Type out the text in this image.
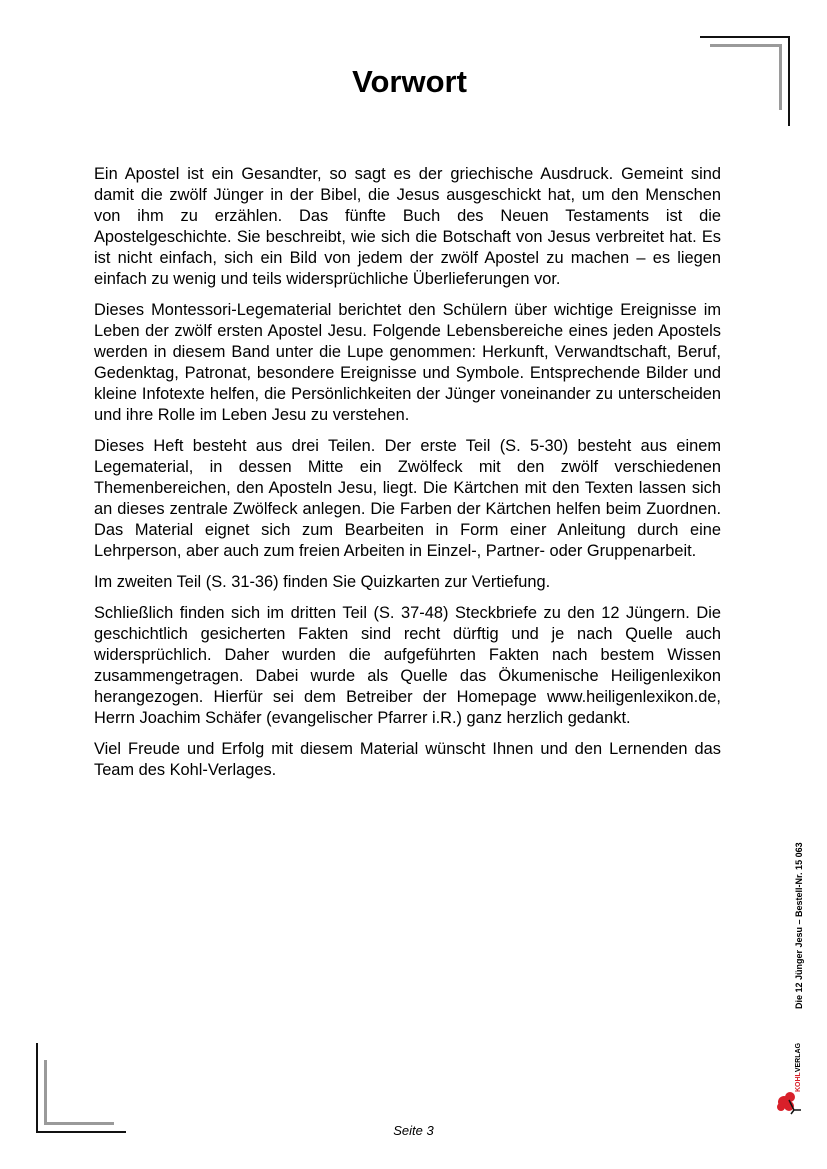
Vorwort

Ein Apostel ist ein Gesandter, so sagt es der griechische Ausdruck. Gemeint sind damit die zwölf Jünger in der Bibel, die Jesus ausgeschickt hat, um den Menschen von ihm zu erzählen. Das fünfte Buch des Neuen Testaments ist die Apostelgeschichte. Sie beschreibt, wie sich die Botschaft von Jesus verbreitet hat. Es ist nicht einfach, sich ein Bild von jedem der zwölf Apostel zu machen – es liegen einfach zu wenig und teils widersprüchliche Überlieferungen vor.

Dieses Montessori-Legematerial berichtet den Schülern über wichtige Ereignisse im Leben der zwölf ersten Apostel Jesu. Folgende Lebensbereiche eines jeden Apostels werden in diesem Band unter die Lupe genommen: Herkunft, Verwandtschaft, Beruf, Gedenktag, Patronat, besondere Ereignisse und Symbole. Entsprechende Bilder und kleine Infotexte helfen, die Persönlichkeiten der Jünger voneinander zu unterscheiden und ihre Rolle im Leben Jesu zu verstehen.

Dieses Heft besteht aus drei Teilen. Der erste Teil (S. 5-30) besteht aus einem Legematerial, in dessen Mitte ein Zwölfeck mit den zwölf verschiedenen Themenbereichen, den Aposteln Jesu, liegt. Die Kärtchen mit den Texten lassen sich an dieses zentrale Zwölfeck anlegen. Die Farben der Kärtchen helfen beim Zuordnen. Das Material eignet sich zum Bearbeiten in Form einer Anleitung durch eine Lehrperson, aber auch zum freien Arbeiten in Einzel-, Partner- oder Gruppenarbeit.

Im zweiten Teil (S. 31-36) finden Sie Quizkarten zur Vertiefung.

Schließlich finden sich im dritten Teil (S. 37-48) Steckbriefe zu den 12 Jüngern. Die geschichtlich gesicherten Fakten sind recht dürftig und je nach Quelle auch widersprüchlich. Daher wurden die aufgeführten Fakten nach bestem Wissen zusammengetragen. Dabei wurde als Quelle das Ökumenische Heiligenlexikon herangezogen. Hierfür sei dem Betreiber der Homepage www.heiligenlexikon.de, Herrn Joachim Schäfer (evangelischer Pfarrer i.R.) ganz herzlich gedankt.

Viel Freude und Erfolg mit diesem Material wünscht Ihnen und den Lernenden das Team des Kohl-Verlages.

Die 12 Jünger Jesu – Bestell-Nr. 15 063
KOHLVERLAG
Seite 3
